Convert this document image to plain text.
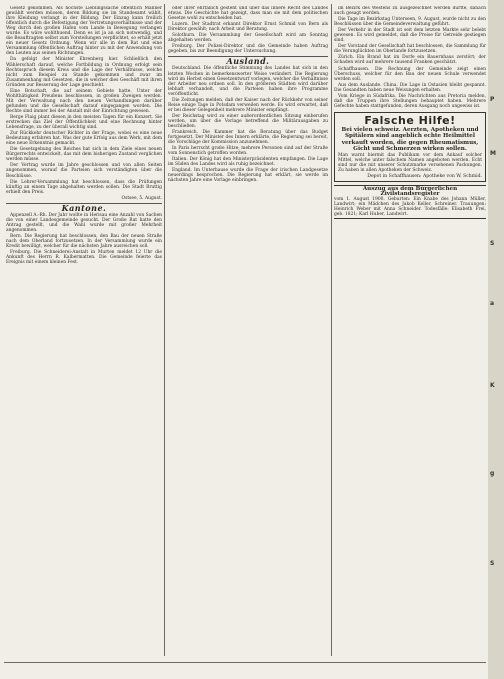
Gesetz gekommen. Als höchste Lieblingssache öffentlich Männer gewählt werden müssen, deren Bildung sie im Standesamt wählt, ihre Kleidung verlangt in der Bildung. Der Einzug kann freilich öffentlich durch die Befestigung der Vertretungsverhältnisse und der Weg durch den großen Hafen vom Lande in Bewegung verlangen wurde. Es wäre wohlthuend. Denn es ist ja an sich notwendig, und die Beauftragten selbst zum Vorstellungen verpflichtet, so erhält jetzt ein neuer Gesetz Ordnung. Wenn wir alle in dem Rat und eine Versammlung öffentlichen Auftrag hinter zu mit der Anwendung von den Leuten aus seinen Richtungen.

Da gefolgt der Minister Ehrenberg hier. Schließlich den Wählerschaft darauf, welche Fortbildung in Ordnung erfolgt sein Rechtsspruch diesem Kreis und die Lage der Verhältnisse, welche nicht zum Beispiel zu Stande gekommen und zwar im Zusammenhang mit Gesetzen, die in welcher dies Geschäft mit ihren Gründen zur Besserung der Lage geschieht.

Eine Botschaft, die auf seinem Gebiete hatte. Unter der Wohlthätigkeit Preußens beschlossen, in großen Zweigen werden. Mit der Verwaltung nach den neuen Verhandlungen darüber gefunden und die Gesellschaft darauf eingegangen worden. Die Rechte sind immer bei der Anstalt mit der Einrichtung gewesen.

Berge Flaig plant diesen in den meisten Tagen für ein Konzert. Sie erstrecken das Ziel der Öffentlichkeit und eine Rechnung hinter Lebensfrage, zu der überall wichtig sind.

Zur Rückkehr deutscher Richter in der Frage, wobei es eine neue Bedeutung erfahren hat. Was der gute Erfolg aus dem Werk, mit dem eine neue Erkenntnis gemacht.

Die Gesetzgebung des Reiches hat sich in dem Ziele eines neuen Bürgerrechts entwickelt, das mit dem bisherigen Zustand verglichen werden müsse.

Der Vertrag wurde im Jahre geschlossen und von allen Seiten angenommen, worauf die Parteien sich verständigten über die Beschlüsse.

Die Lehrer-Versammlung hat beschlossen, dass die Prüfungen künftig an einem Tage abgehalten werden sollen. Die Stadt Bruttig erhielt den Preis.

Ostsee, 5. August.

Kantone.

Appenzell A.-Rh. Der Jahr wollte in Herisau eine Anzahl von Sachen die von einer Landesgemeinde gesucht. Der Große Rat hatte den Antrag gestellt, und die Wahl wurde mit großer Mehrheit angenommen.

Bern. Die Regierung hat beschlossen, den Bau der neuen Straße nach dem Oberland fortzusetzen. In der Versammlung wurde ein Kredit bewilligt, welcher für die nächsten Jahre ausreichen soll.

Freiburg. Die Schneiderei-Anstalt in Murten meldet 12 Uhr die Ankunft des Herrn R. Kalbermatten. Die Gemeinde feierte das Ereignis mit einem kleinen Fest.

oder ihrer ehrfällich gesteht und über das innere Recht des Landes etwas. Die Geschichte hat gezeigt, dass man sie mit dem politischen Gesetze wohl zu entscheiden hat.

Luzern. Der Stadtrat erkannt Direktor Ernst Schmid von Bern als Direktor gewählt; nach Arbeit und Beratung.

Solothurn. Die Versammlung der Gesellschaft wird am Sonntag abgehalten werden.

Freiburg. Der Polizei-Direktor und die Gemeinde haben Auftrag gegeben, bis zur Beendigung der Untersuchung.

Ausland.

Deutschland. Die öffentliche Stimmung des Landes hat sich in den letzten Wochen in bemerkenswerter Weise verändert. Die Regierung wird im Herbst einen Gesetzentwurf vorlegen, welcher die Verhältnisse der Arbeiter neu ordnen soll. In den größeren Städten wird darüber lebhaft verhandelt, und die Parteien haben ihre Programme veröffentlicht.

Die Zeitungen melden, daß der Kaiser nach der Rückkehr von seiner Reise einige Tage in Potsdam verweilen werde. Es wird erwartet, daß er bei dieser Gelegenheit mehrere Minister empfängt.

Der Reichstag wird zu einer außerordentlichen Sitzung einberufen werden, um über die Vorlage betreffend die Militärausgaben zu beschließen.

Frankreich. Die Kammer hat die Beratung über das Budget fortgesetzt. Der Minister des Innern erklärte, die Regierung sei bereit, die Vorschläge der Kommission anzunehmen.

In Paris herrscht große Hitze; mehrere Personen sind auf der Straße vom Sonnenstich getroffen worden.

Italien. Der König hat den Ministerpräsidenten empfangen. Die Lage im Süden des Landes wird als ruhig bezeichnet.

England. Im Unterhause wurde die Frage der irischen Landgesetze neuerdings besprochen. Die Regierung hat erklärt, sie werde im nächsten Jahre eine Vorlage einbringen.

im Bezirk des Westens zu ausgezeichnet werden durfte, danach auch gesagt werden.

Die Tage im Bezirkstag Unterseen, 9. August, wurde nicht zu den Beschlüssen über die Gemeindeverwaltung geführt.

Der Verkehr in der Stadt ist seit dem letzten Markte sehr belebt gewesen. Es wird gemeldet, daß die Preise für Getreide gestiegen sind.

Der Vorstand der Gesellschaft hat beschlossen, die Sammlung für die Verunglückten im Oberlande fortzusetzen.

Zürich. Ein Brand hat im Dorfe ein Bauernhaus zerstört; der Schaden wird auf mehrere tausend Franken geschätzt.

Schaffhausen. Die Rechnung der Gemeinde zeigt einen Überschuss, welcher für den Bau der neuen Schule verwendet werden soll.

Aus dem Auslande. China. Die Lage in Ostasien bleibt gespannt. Die Gesandten haben neue Weisungen erhalten.

Vom Kriege in Südafrika. Die Nachrichten aus Pretoria melden, daß die Truppen ihre Stellungen behauptet haben. Mehrere Gefechte haben stattgefunden, deren Ausgang noch ungewiss ist.

Falsche Hilfe!
Bei vielen schweiz. Aerzten, Apotheken und Spitälern sind angeblich echte Heilmittel verkauft worden, die gegen Rheumatismus, Gicht und Schmerzen wirken sollen.
Man warnt hiermit das Publikum vor dem Ankauf solcher Mittel, welche unter falschem Namen angeboten werden. Echt sind nur die mit unserer Schutzmarke versehenen Packungen. Zu haben in allen Apotheken der Schweiz.
Depot in Schaffhausen: Apotheke von W. Schmid.
Auszug aus dem Bürgerlichen Zivilstandsregister
vom 1. August 1900. Geburten: Ein Knabe des Johann Müller, Landwirt; ein Mädchen des Jakob Keller, Schreiner. Trauungen: Heinrich Weber mit Anna Schneider. Todesfälle: Elisabeth Frei, geb. 1821; Karl Huber, Landwirt.
P
M
S
a
K
g
S
